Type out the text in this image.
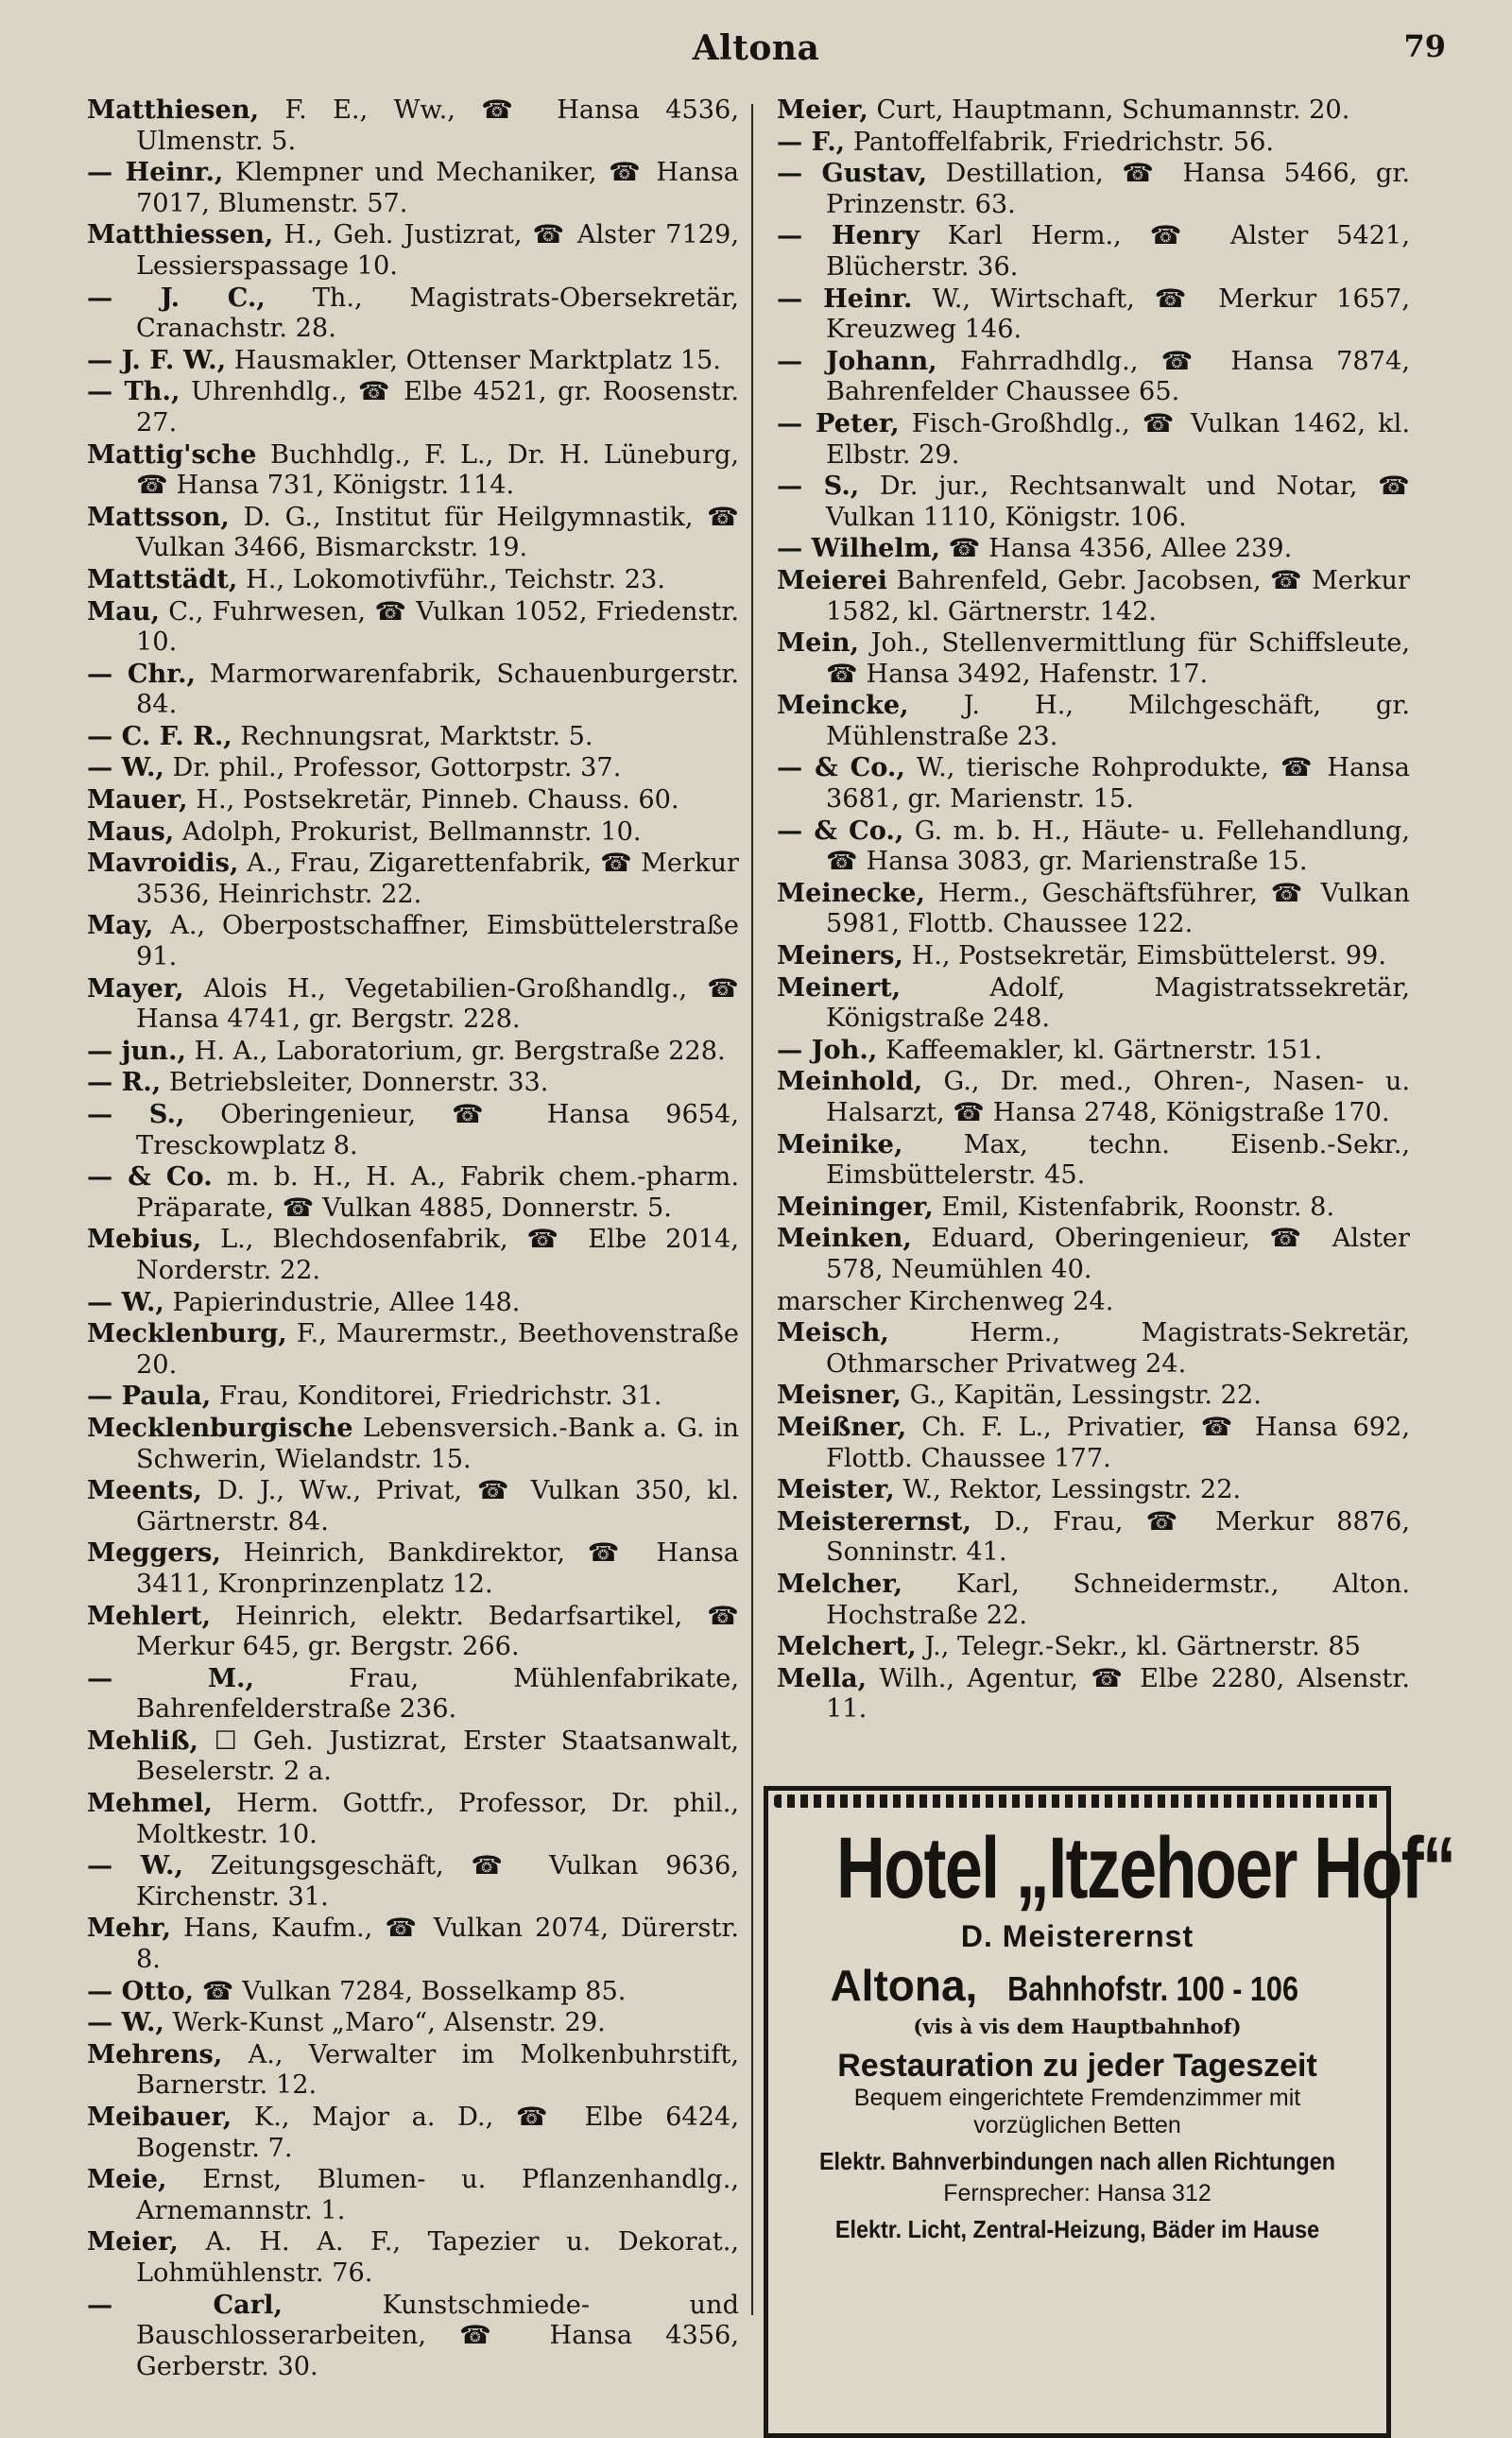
Altona	79
Matthiesen, F. E., Ww., ☎ Hansa 4536, Ulmenstr. 5.
— Heinr., Klempner und Mechaniker, ☎ Hansa 7017, Blumenstr. 57.
Matthiessen, H., Geh. Justizrat, ☎ Alster 7129, Lessierspassage 10.
— J. C., Th., Magistrats-Obersekretär, Cranachstr. 28.
— J. F. W., Hausmakler, Ottenser Marktplatz 15.
— Th., Uhrenhdlg., ☎ Elbe 4521, gr. Roosenstr. 27.
Mattig'sche Buchhdlg., F. L., Dr. H. Lüneburg, ☎ Hansa 731, Königstr. 114.
Mattsson, D. G., Institut für Heilgymnastik, ☎ Vulkan 3466, Bismarckstr. 19.
Mattstädt, H., Lokomotivführ., Teichstr. 23.
Mau, C., Fuhrwesen, ☎ Vulkan 1052, Friedenstr. 10.
— Chr., Marmorwarenfabrik, Schauenburgerstr. 84.
— C. F. R., Rechnungsrat, Marktstr. 5.
— W., Dr. phil., Professor, Gottorpstr. 37.
Mauer, H., Postsekretär, Pinneb. Chauss. 60.
Maus, Adolph, Prokurist, Bellmannstr. 10.
Mavroidis, A., Frau, Zigarettenfabrik, ☎ Merkur 3536, Heinrichstr. 22.
May, A., Oberpostschaffner, Eimsbüttelerstraße 91.
Mayer, Alois H., Vegetabilien-Großhandlg., ☎ Hansa 4741, gr. Bergstr. 228.
— jun., H. A., Laboratorium, gr. Bergstraße 228.
— R., Betriebsleiter, Donnerstr. 33.
— S., Oberingenieur, ☎ Hansa 9654, Tresckowplatz 8.
— & Co. m. b. H., H. A., Fabrik chem.-pharm. Präparate, ☎ Vulkan 4885, Donnerstr. 5.
Mebius, L., Blechdosenfabrik, ☎ Elbe 2014, Norderstr. 22.
— W., Papierindustrie, Allee 148.
Mecklenburg, F., Maurermstr., Beethovenstraße 20.
— Paula, Frau, Konditorei, Friedrichstr. 31.
Mecklenburgische Lebensversich.-Bank a. G. in Schwerin, Wielandstr. 15.
Meents, D. J., Ww., Privat, ☎ Vulkan 350, kl. Gärtnerstr. 84.
Meggers, Heinrich, Bankdirektor, ☎ Hansa 3411, Kronprinzenplatz 12.
Mehlert, Heinrich, elektr. Bedarfsartikel, ☎ Merkur 645, gr. Bergstr. 266.
— M.,	Frau, Mühlenfabrikate, Bahrenfelderstraße 236.
Mehliß, ☐ Geh. Justizrat, Erster Staatsanwalt, Beselerstr. 2 a.
Mehmel, Herm. Gottfr., Professor, Dr. phil., Moltkestr. 10.
— W., Zeitungsgeschäft, ☎ Vulkan 9636, Kirchenstr. 31.
Mehr, Hans, Kaufm., ☎ Vulkan 2074, Dürerstr. 8.
— Otto, ☎ Vulkan 7284, Bosselkamp 85.
— W., Werk-Kunst „Maro“, Alsenstr. 29.
Mehrens, A., Verwalter im Molkenbuhrstift, Barnerstr. 12.
Meibauer, K., Major a. D., ☎ Elbe 6424, Bogenstr. 7.
Meie, Ernst, Blumen- u. Pflanzenhandlg., Arnemannstr. 1.
Meier, A. H. A. F., Tapezier u. Dekorat., Lohmühlenstr. 76.
— Carl,	Kunstschmiede- und Bauschlosserarbeiten, ☎ Hansa 4356, Gerberstr. 30.
Meier, Curt, Hauptmann, Schumannstr. 20.
— F., Pantoffelfabrik, Friedrichstr. 56.
— Gustav, Destillation, ☎ Hansa 5466, gr. Prinzenstr. 63.
— Henry Karl Herm., ☎ Alster 5421, Blücherstr. 36.
— Heinr. W., Wirtschaft, ☎ Merkur 1657, Kreuzweg 146.
— Johann, Fahrradhdlg., ☎ Hansa 7874, Bahrenfelder Chaussee 65.
— Peter, Fisch-Großhdlg., ☎ Vulkan 1462, kl. Elbstr. 29.
— S., Dr. jur., Rechtsanwalt und Notar, ☎ Vulkan 1110, Königstr. 106.
— Wilhelm, ☎ Hansa 4356, Allee 239.
Meierei Bahrenfeld, Gebr. Jacobsen, ☎ Merkur 1582, kl. Gärtnerstr. 142.
Mein, Joh., Stellenvermittlung für Schiffsleute, ☎ Hansa 3492, Hafenstr. 17.
Meincke, J. H., Milchgeschäft, gr. Mühlenstraße 23.
— & Co., W., tierische Rohprodukte, ☎ Hansa 3681, gr. Marienstr. 15.
— & Co., G. m. b. H., Häute- u. Fellehandlung, ☎ Hansa 3083, gr. Marienstraße 15.
Meinecke, Herm., Geschäftsführer, ☎ Vulkan 5981, Flottb. Chaussee 122.
Meiners, H., Postsekretär, Eimsbüttelerst. 99.
Meinert,	Adolf, Magistratssekretär, Königstraße 248.
— Joh., Kaffeemakler, kl. Gärtnerstr. 151.
Meinhold, G., Dr. med., Ohren-, Nasen- u. Halsarzt, ☎ Hansa 2748, Königstraße 170.
Meinike, Max, techn. Eisenb.-Sekr., Eimsbüttelerstr. 45.
Meininger, Emil, Kistenfabrik, Roonstr. 8.
Meinken, Eduard, Oberingenieur, ☎ Alster 578, Neumühlen 40.
marscher Kirchenweg 24.
Meisch,	Herm., Magistrats-Sekretär, Othmarscher Privatweg 24.
Meisner, G., Kapitän, Lessingstr. 22.
Meißner, Ch. F. L., Privatier, ☎ Hansa 692, Flottb. Chaussee 177.
Meister, W., Rektor, Lessingstr. 22.
Meisterernst, D., Frau, ☎ Merkur 8876, Sonninstr. 41.
Melcher, Karl, Schneidermstr., Alton. Hochstraße 22.
Melchert, J., Telegr.-Sekr., kl. Gärtnerstr. 85
Mella, Wilh., Agentur, ☎ Elbe 2280, Alsenstr. 11.
Hotel „Itzehoer Hof“
D. Meisterernst
Altona, Bahnhofstr. 100 - 106
(vis à vis dem Hauptbahnhof)
Restauration zu jeder Tageszeit
Bequem eingerichtete Fremdenzimmer mit
vorzüglichen Betten
Elektr. Bahnverbindungen nach allen Richtungen
Fernsprecher: Hansa 312
Elektr. Licht, Zentral-Heizung, Bäder im Hause
